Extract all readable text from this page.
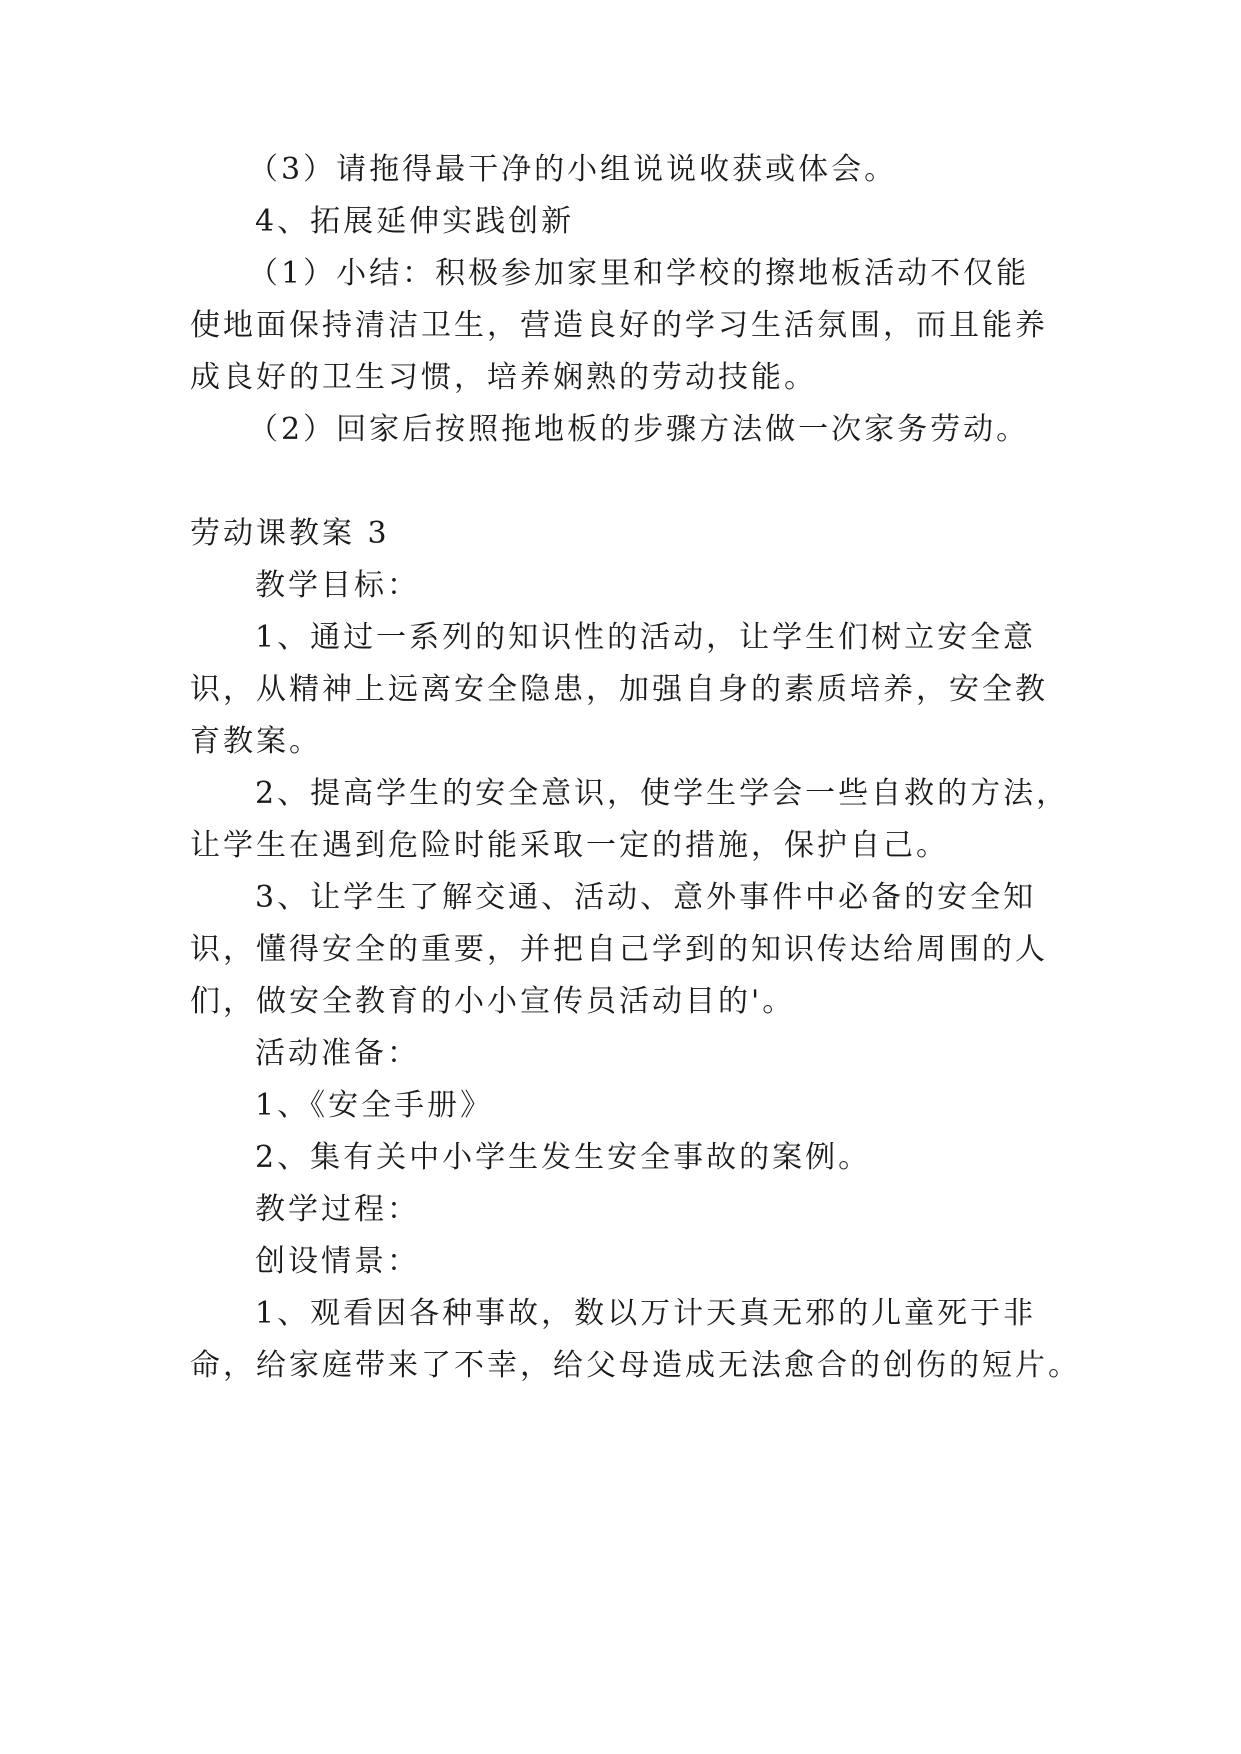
（3）请拖得最干净的小组说说收获或体会。
4、拓展延伸实践创新
（1）小结：积极参加家里和学校的擦地板活动不仅能
使地面保持清洁卫生，营造良好的学习生活氛围，而且能养
成良好的卫生习惯，培养娴熟的劳动技能。
（2）回家后按照拖地板的步骤方法做一次家务劳动。
劳动课教案 3
教学目标：
1、通过一系列的知识性的活动，让学生们树立安全意
识，从精神上远离安全隐患，加强自身的素质培养，安全教
育教案。
2、提高学生的安全意识，使学生学会一些自救的方法，
让学生在遇到危险时能采取一定的措施，保护自己。
3、让学生了解交通、活动、意外事件中必备的安全知
识，懂得安全的重要，并把自己学到的知识传达给周围的人
们，做安全教育的小小宣传员活动目的'。
活动准备：
1、《安全手册》
2、集有关中小学生发生安全事故的案例。
教学过程：
创设情景：
1、观看因各种事故，数以万计天真无邪的儿童死于非
命，给家庭带来了不幸，给父母造成无法愈合的创伤的短片。
